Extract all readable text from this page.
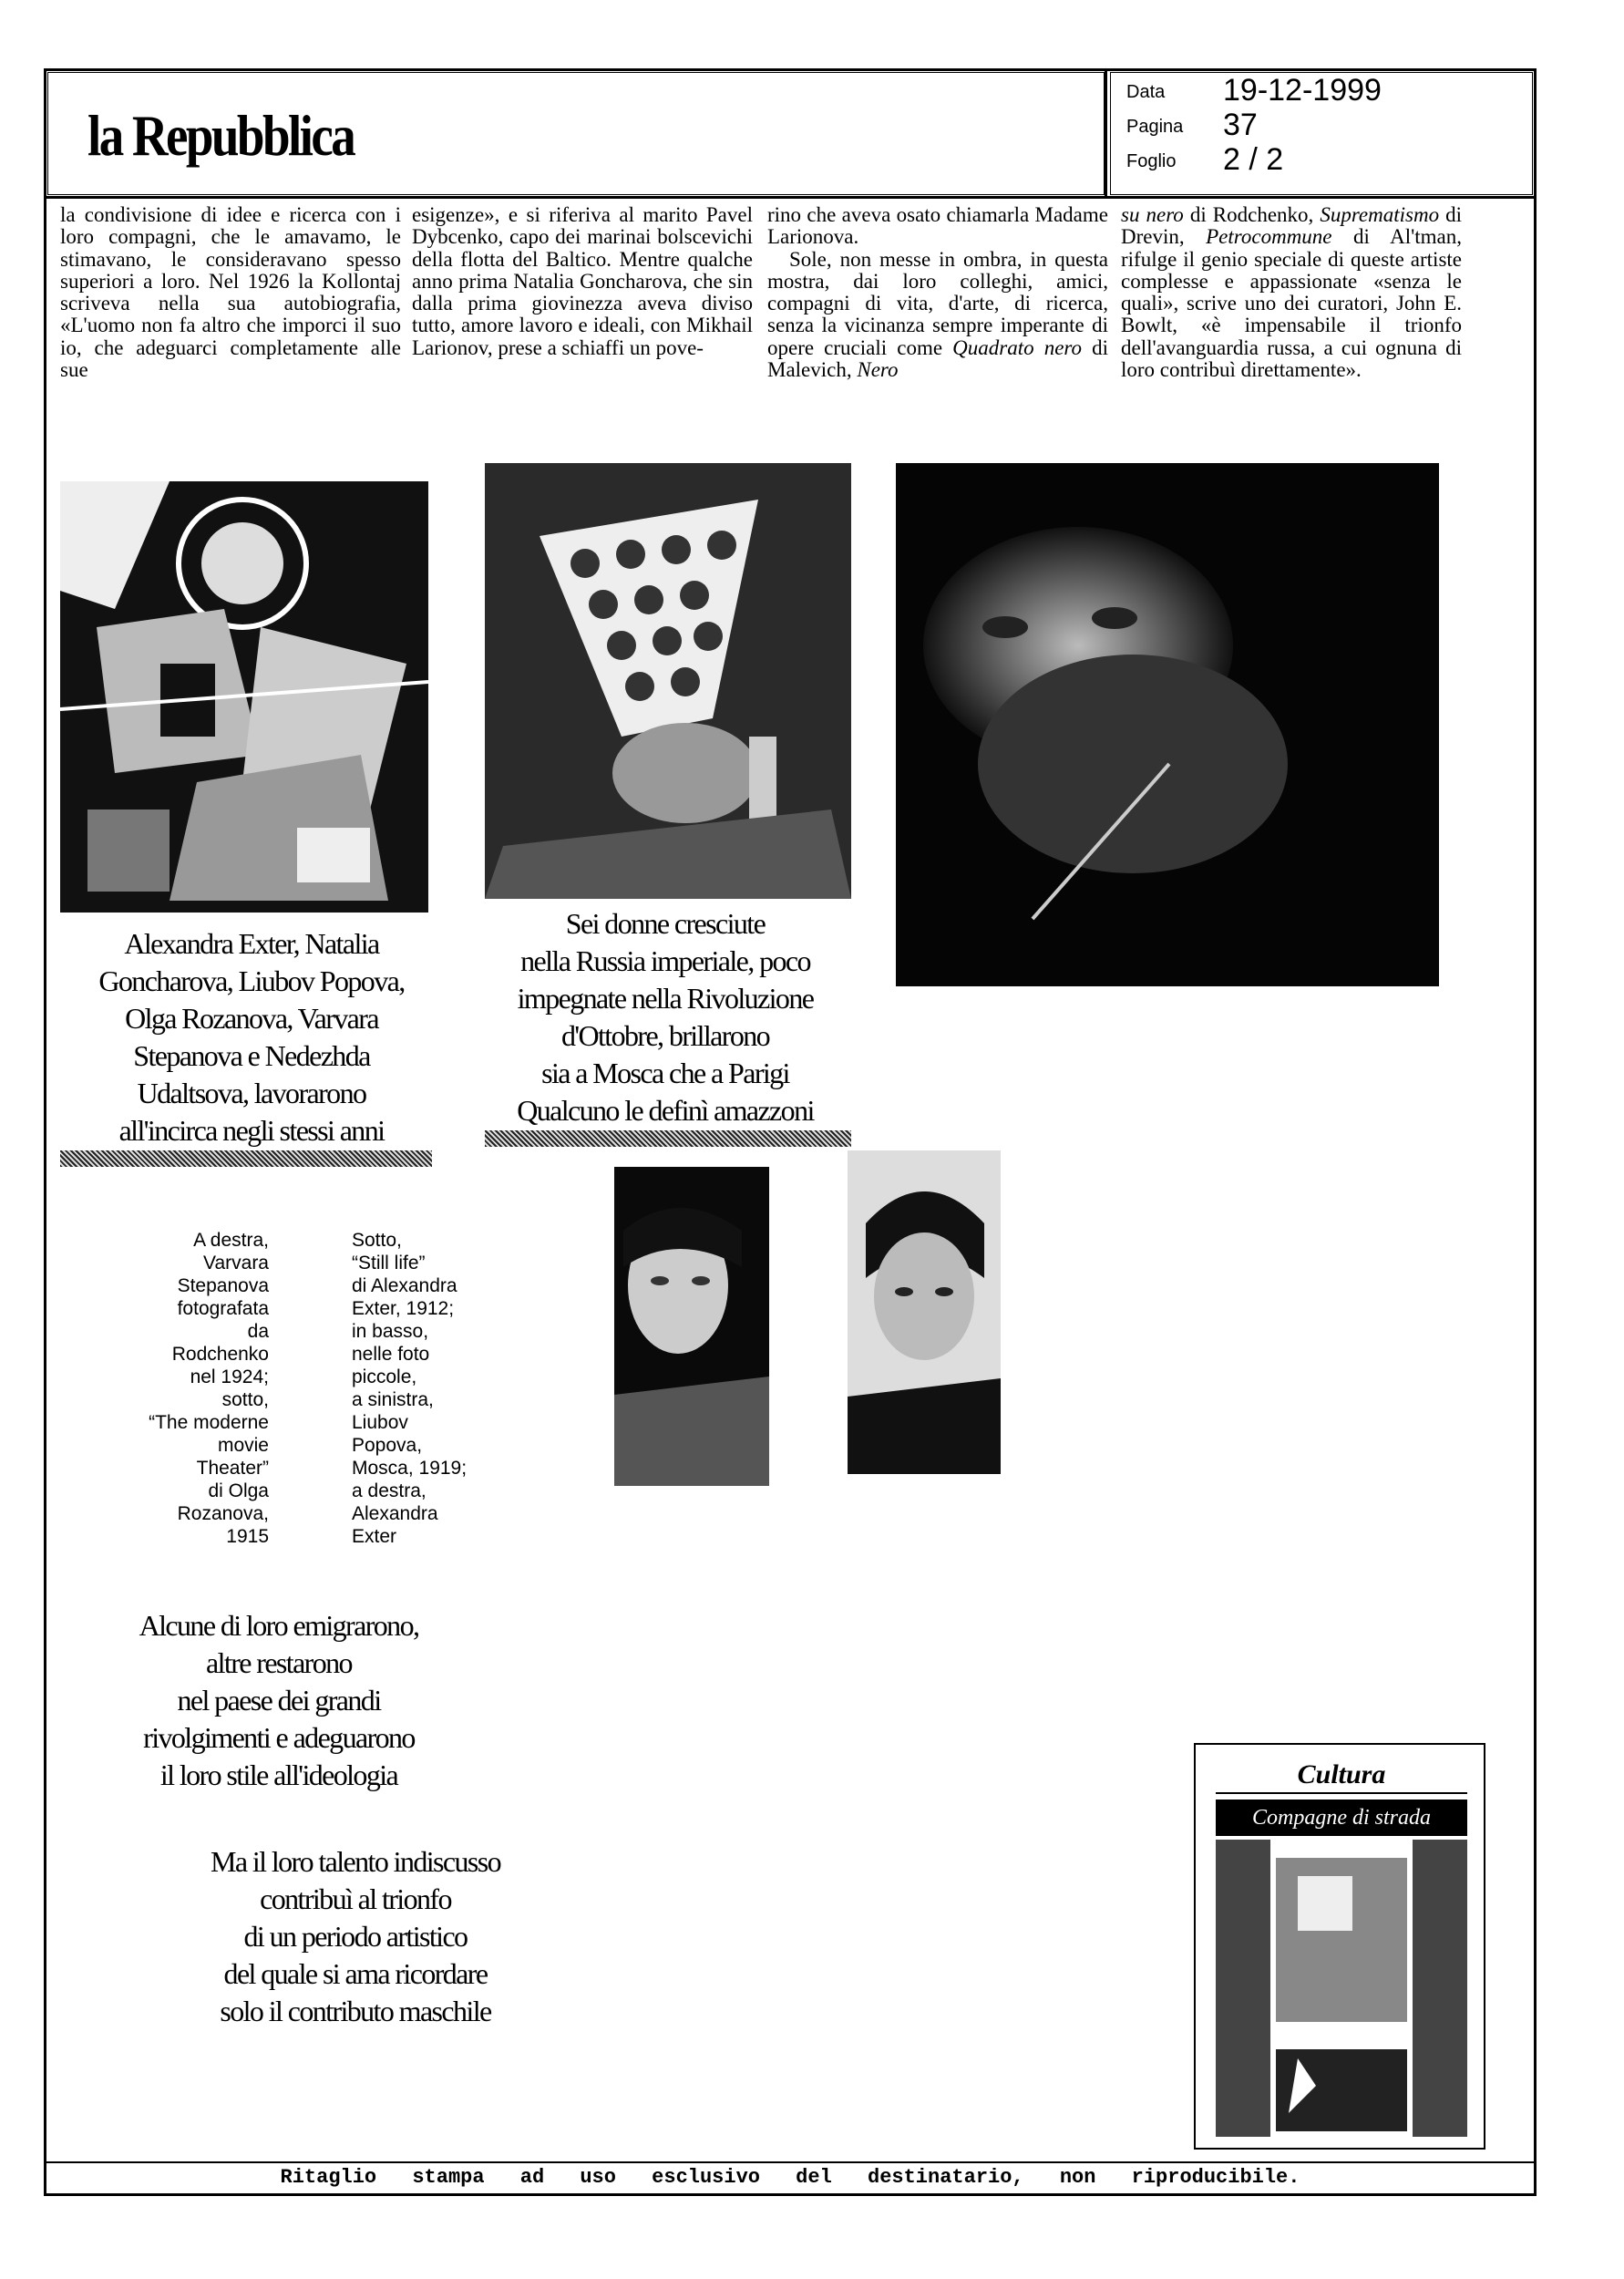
la Repubblica
Data 19-12-1999
Pagina 37
Foglio 2 / 2

la condivisione di idee e ricerca con i loro compagni, che le amavamo, le stimavano, le consideravano spesso superiori a loro. Nel 1926 la Kollontaj scriveva nella sua autobiografia, «L'uomo non fa altro che imporci il suo io, che adeguarci completamente alle sue

esigenze», e si riferiva al marito Pavel Dybcenko, capo dei marinai bolscevichi della flotta del Baltico. Mentre qualche anno prima Natalia Goncharova, che sin dalla prima giovinezza aveva diviso tutto, amore lavoro e ideali, con Mikhail Larionov, prese a schiaffi un pove-

rino che aveva osato chiamarla Madame Larionova.

Sole, non messe in ombra, in questa mostra, dai loro colleghi, amici, compagni di vita, d'arte, di ricerca, senza la vicinanza sempre imperante di opere cruciali come Quadrato nero di Malevich, Nero

su nero di Rodchenko, Suprematismo di Drevin, Petrocommune di Al'tman, rifulge il genio speciale di queste artiste complesse e appassionate «senza le quali», scrive uno dei curatori, John E. Bowlt, «è impensabile il trionfo dell'avanguardia russa, a cui ognuna di loro contribuì direttamente».

Alexandra Exter, Natalia
Goncharova, Liubov Popova,
Olga Rozanova, Varvara
Stepanova e Nedezhda
Udaltsova, lavorarono
all'incirca negli stessi anni
Sei donne cresciute
nella Russia imperiale, poco
impegnate nella Rivoluzione
d'Ottobre, brillarono
sia a Mosca che a Parigi
Qualcuno le definì amazzoni
A destra,
Varvara
Stepanova
fotografata
da
Rodchenko
nel 1924;
sotto,
“The moderne
movie
Theater”
di Olga
Rozanova,
1915
Sotto,
“Still life”
di Alexandra
Exter, 1912;
in basso,
nelle foto
piccole,
a sinistra,
Liubov
Popova,
Mosca, 1919;
a destra,
Alexandra
Exter
Alcune di loro emigrarono,
altre restarono
nel paese dei grandi
rivolgimenti e adeguarono
il loro stile all'ideologia
Ma il loro talento indiscusso
contribuì al trionfo
di un periodo artistico
del quale si ama ricordare
solo il contributo maschile
Cultura
Compagne di strada
Ritaglio stampa ad uso esclusivo del destinatario, non riproducibile.
